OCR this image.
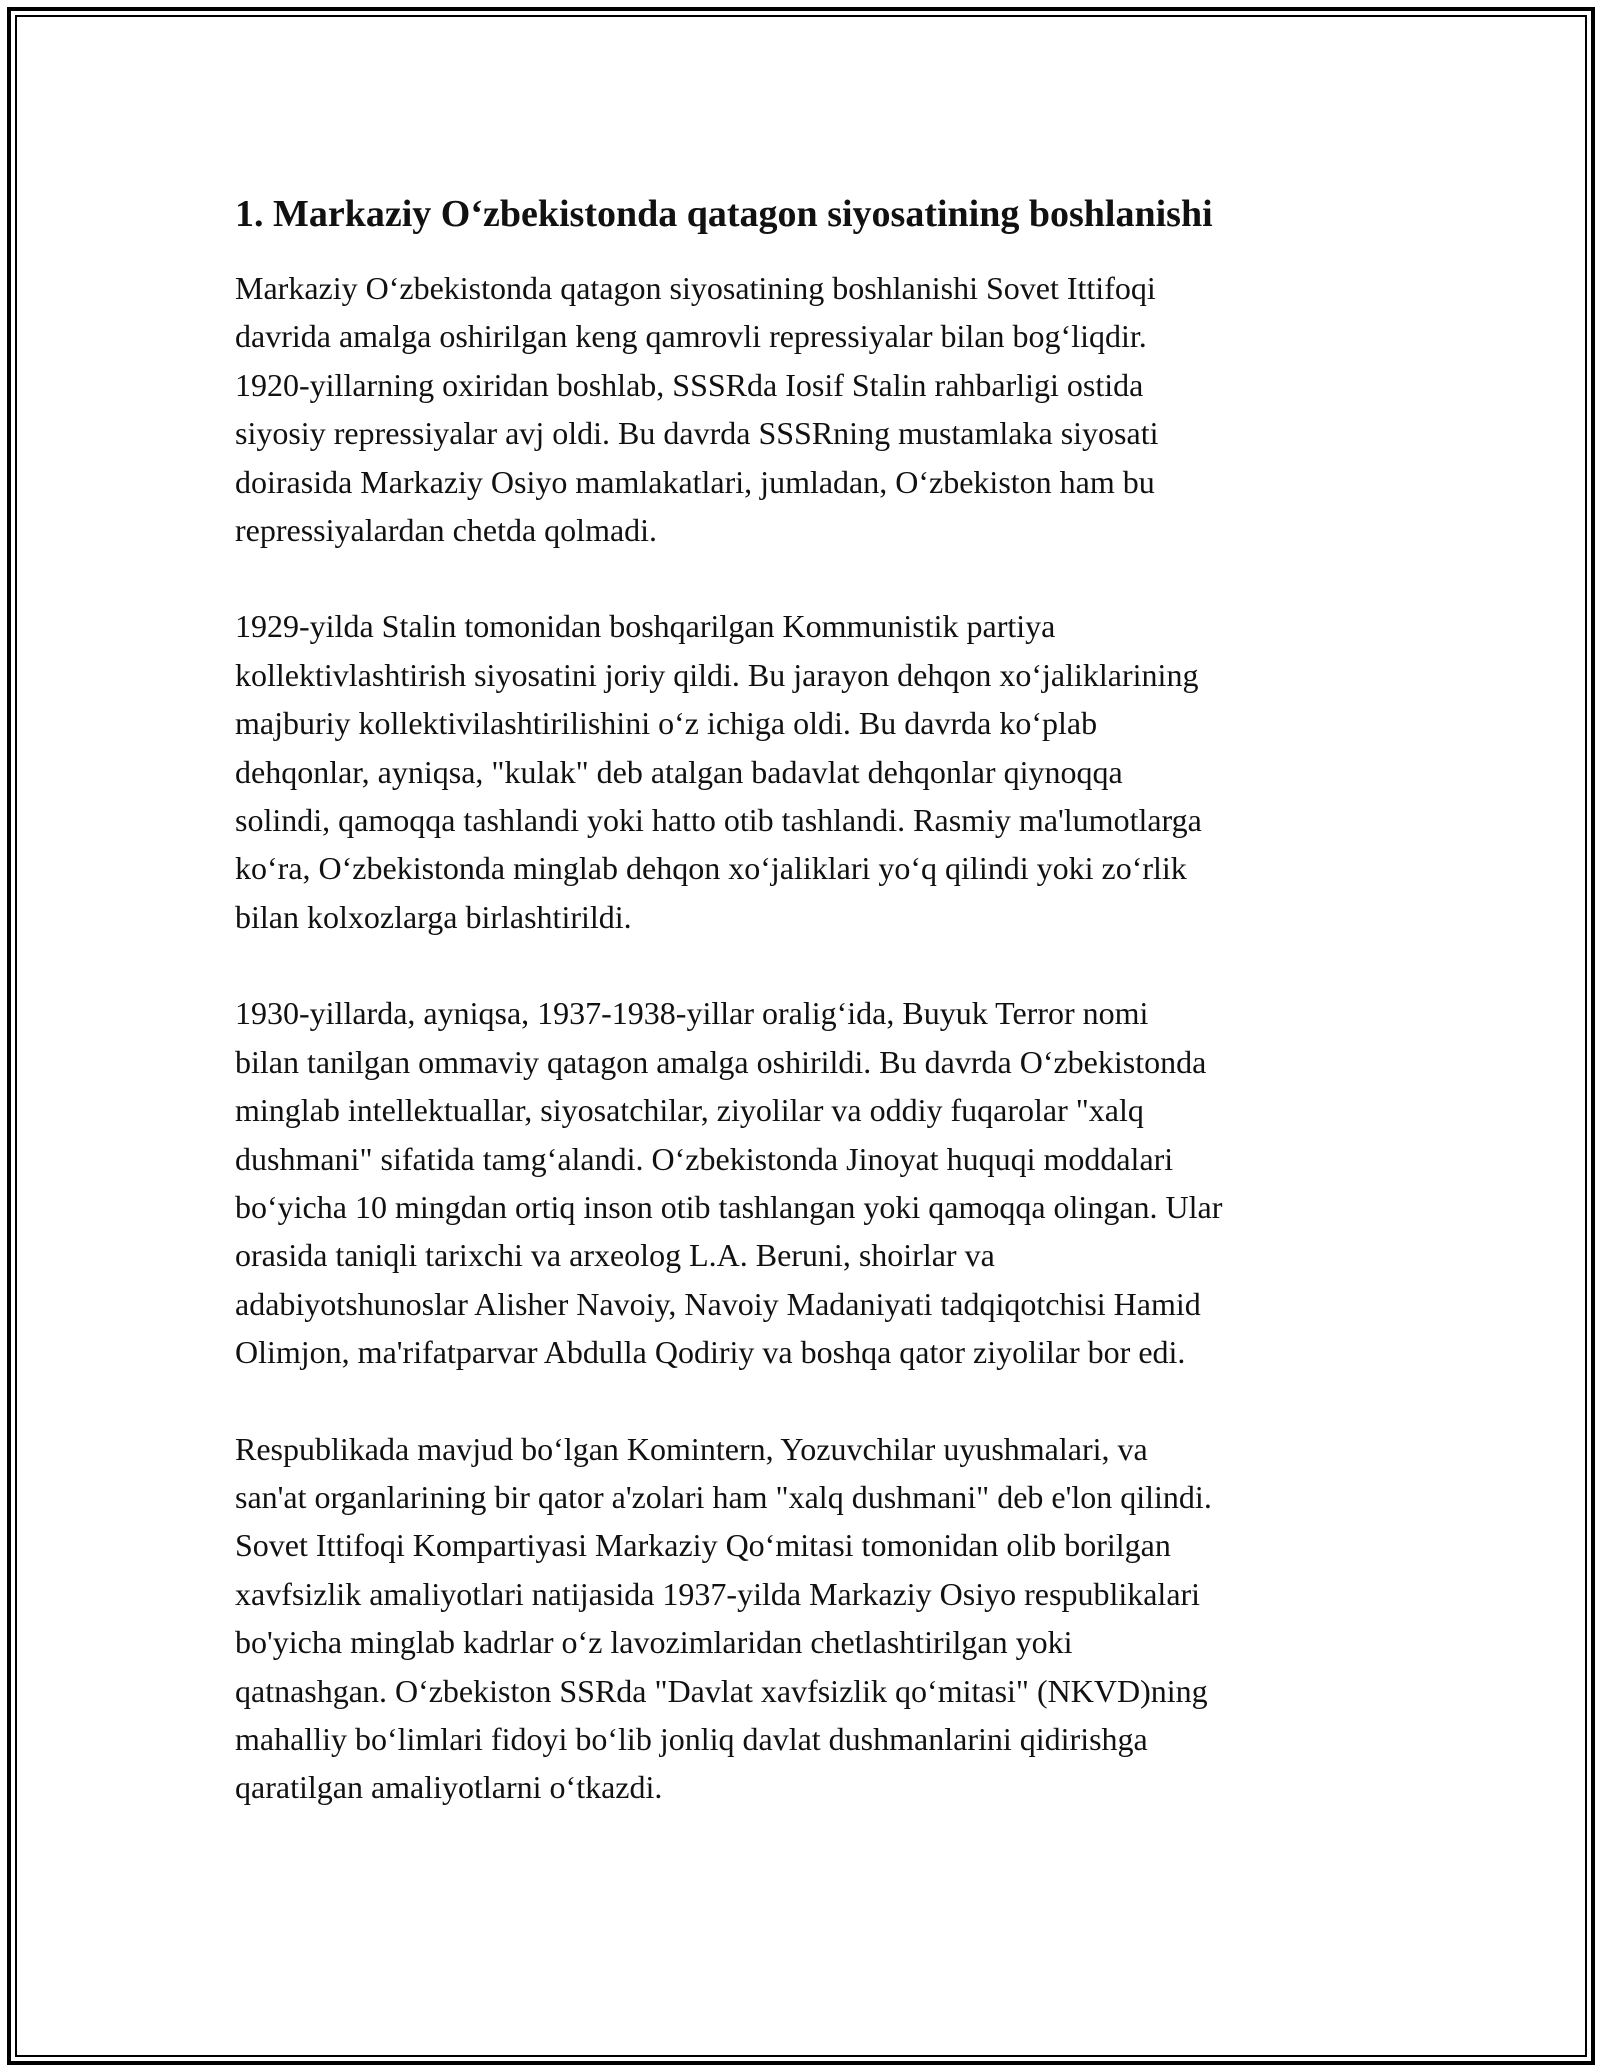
1. Markaziy Oʻzbekistonda qatagon siyosatining boshlanishi

Markaziy Oʻzbekistonda qatagon siyosatining boshlanishi Sovet Ittifoqi
davrida amalga oshirilgan keng qamrovli repressiyalar bilan bogʻliqdir.
1920-yillarning oxiridan boshlab, SSSRda Iosif Stalin rahbarligi ostida
siyosiy repressiyalar avj oldi. Bu davrda SSSRning mustamlaka siyosati
doirasida Markaziy Osiyo mamlakatlari, jumladan, Oʻzbekiston ham bu
repressiyalardan chetda qolmadi.

1929-yilda Stalin tomonidan boshqarilgan Kommunistik partiya
kollektivlashtirish siyosatini joriy qildi. Bu jarayon dehqon xoʻjaliklarining
majburiy kollektivilashtirilishini oʻz ichiga oldi. Bu davrda koʻplab
dehqonlar, ayniqsa, "kulak" deb atalgan badavlat dehqonlar qiynoqqa
solindi, qamoqqa tashlandi yoki hatto otib tashlandi. Rasmiy ma'lumotlarga
koʻra, Oʻzbekistonda minglab dehqon xoʻjaliklari yoʻq qilindi yoki zoʻrlik
bilan kolxozlarga birlashtirildi.

1930-yillarda, ayniqsa, 1937-1938-yillar oraligʻida, Buyuk Terror nomi
bilan tanilgan ommaviy qatagon amalga oshirildi. Bu davrda Oʻzbekistonda
minglab intellektuallar, siyosatchilar, ziyolilar va oddiy fuqarolar "xalq
dushmani" sifatida tamgʻalandi. Oʻzbekistonda Jinoyat huquqi moddalari
boʻyicha 10 mingdan ortiq inson otib tashlangan yoki qamoqqa olingan. Ular
orasida taniqli tarixchi va arxeolog L.A. Beruni, shoirlar va
adabiyotshunoslar Alisher Navoiy, Navoiy Madaniyati tadqiqotchisi Hamid
Olimjon, ma'rifatparvar Abdulla Qodiriy va boshqa qator ziyolilar bor edi.

Respublikada mavjud boʻlgan Komintern, Yozuvchilar uyushmalari, va
san'at organlarining bir qator a'zolari ham "xalq dushmani" deb e'lon qilindi.
Sovet Ittifoqi Kompartiyasi Markaziy Qoʻmitasi tomonidan olib borilgan
xavfsizlik amaliyotlari natijasida 1937-yilda Markaziy Osiyo respublikalari
bo'yicha minglab kadrlar oʻz lavozimlaridan chetlashtirilgan yoki
qatnashgan. Oʻzbekiston SSRda "Davlat xavfsizlik qoʻmitasi" (NKVD)ning
mahalliy boʻlimlari fidoyi boʻlib jonliq davlat dushmanlarini qidirishga
qaratilgan amaliyotlarni oʻtkazdi.
